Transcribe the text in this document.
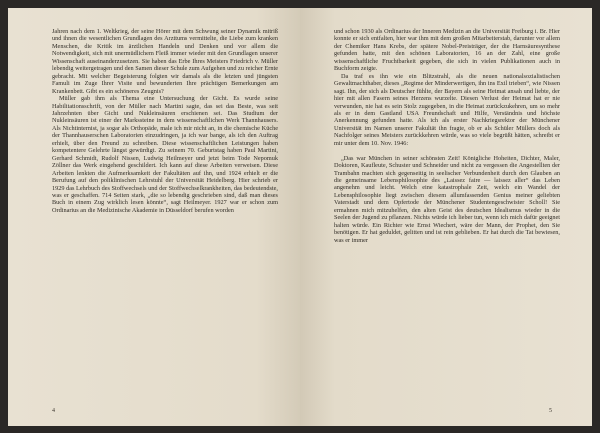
Jahren nach dem 1. Weltkrieg, der seine Hörer mit dem Schwung seiner Dynamik mitriß und ihnen die wesentlichen Grundlagen des Arzttums vermittelte, die Liebe zum kranken Menschen, die Kritik im ärztlichen Handeln und Denken und vor allem die Notwendigkeit, sich mit unermüdlichem Fleiß immer wieder mit den Grundlagen unserer Wissenschaft auseinanderzusetzen. Sie haben das Erbe Ihres Meisters Friedrich v. Müller lebendig weitergetragen und den Samen dieser Schule zum Aufgehen und zu reicher Ernte gebracht. Mit welcher Begeisterung folgten wir damals als die letzten und jüngsten Famuli im Zuge Ihrer Visite und bewunderten Ihre prächtigen Bemerkungen am Krankenbett. Gibt es ein schöneres Zeugnis?

Müller gab ihm als Thema eine Untersuchung der Gicht. Es wurde seine Habilitationsschrift, von der Müller nach Martini sagte, das sei das Beste, was seit Jahrzehnten über Gicht und Nukleinsäuren erschienen sei. Das Studium der Nukleinsäuren ist einer der Markssteine in dem wissenschaftlichen Werk Thannhausers. Als Nichtinternist, ja sogar als Orthopäde, male ich mir nicht an, in die chemische Küche der Thannhauserschen Laboratorien einzudringen, ja ich war bange, als ich den Auftrag erhielt, über den Freund zu schreiben. Diese wissenschaftlichen Leistungen haben kompetentere Gelehrte längst gewürdigt. Zu seinem 70. Geburtstag haben Paul Martini, Gerhard Schmidt, Rudolf Nissen, Ludwig Heilmeyer und jetzt beim Tode Nepomuk Zöllner das Werk eingehend geschildert. Ich kann auf diese Arbeiten verweisen. Diese Arbeiten lenkten die Aufmerksamkeit der Fakultäten auf ihn, und 1924 erhielt er die Berufung auf den poliklinischen Lehrstuhl der Universität Heidelberg. Hier schrieb er 1929 das Lehrbuch des Stoffwechsels und der Stoffwechselkrankheiten, das bedeutendste, was er geschaffen. 714 Seiten stark, „die so lebendig geschrieben sind, daß man dieses Buch in einem Zug wirklich lesen könnte“, sagt Heilmeyer. 1927 war er schon zum Ordinarius an die Medizinische Akademie in Düsseldorf berufen worden

4

und schon 1930 als Ordinarius der Inneren Medizin an die Universität Freiburg i. Br. Hier konnte er sich entfalten, hier war ihm mit dem großen Mitarbeiterstab, darunter vor allem der Chemiker Hans Krebs, der spätere Nobel-Preisträger, der die Harnsäuresynthese gefunden hatte, mit den schönen Laboratorien, 16 an der Zahl, eine große wissenschaftliche Fruchtbarkeit gegeben, die sich in vielen Publikationen auch in Buchform zeigte.

Da traf es ihn wie ein Blitzstrahl, als die neuen nationalsozialistischen Gewaltmachthaber, dieses „Regime der Minderwertigen, ihn ins Exil trieben“, wie Nissen sagt. Ihn, der sich als Deutscher fühlte, der Bayern als seine Heimat ansah und liebte, der hier mit allen Fasern seines Herzens wurzelte. Diesen Verlust der Heimat hat er nie verwunden, nie hat es sein Stolz zugegeben, in die Heimat zurückzukehren, um so mehr als er in dem Gastland USA Freundschaft und Hilfe, Verständnis und höchste Anerkennung gefunden hatte. Als ich als erster Nachkriegsrektor der Münchener Universität im Namen unserer Fakultät ihn fragte, ob er als Schüler Müllers doch als Nachfolger seines Meisters zurückkehren würde, was so viele begrüßt hätten, schreibt er mir unter dem 10. Nov. 1946:

„Das war München in seiner schönsten Zeit! Königliche Hoheiten, Dichter, Maler, Doktoren, Kaufleute, Schuster und Schneider und nicht zu vergessen die Angestellten der Trambahn machten sich gegenseitig in seelischer Verbundenheit durch den Glauben an die gemeinsame Lebensphilosophie des „Laissez faire — laissez aller“ das Leben angenehm und leicht. Welch eine katastrophale Zeit, welch ein Wandel der Lebensphilosophie liegt zwischen diesem allumfassenden Genius meiner geliebten Vaterstadt und dem Opfertode der Münchener Studentengeschwister Scholl! Sie ermahnen mich mitzuhelfen, den alten Geist des deutschen Idealismus wieder in die Seelen der Jugend zu pflanzen. Nichts würde ich lieber tun, wenn ich mich dafür geeignet halten würde. Ein Richter wie Ernst Wiechert, wäre der Mann, der Prophet, den Sie benötigen. Er hat geduldet, gelitten und ist rein geblieben. Er hat durch die Tat bewiesen, was er immer

5
